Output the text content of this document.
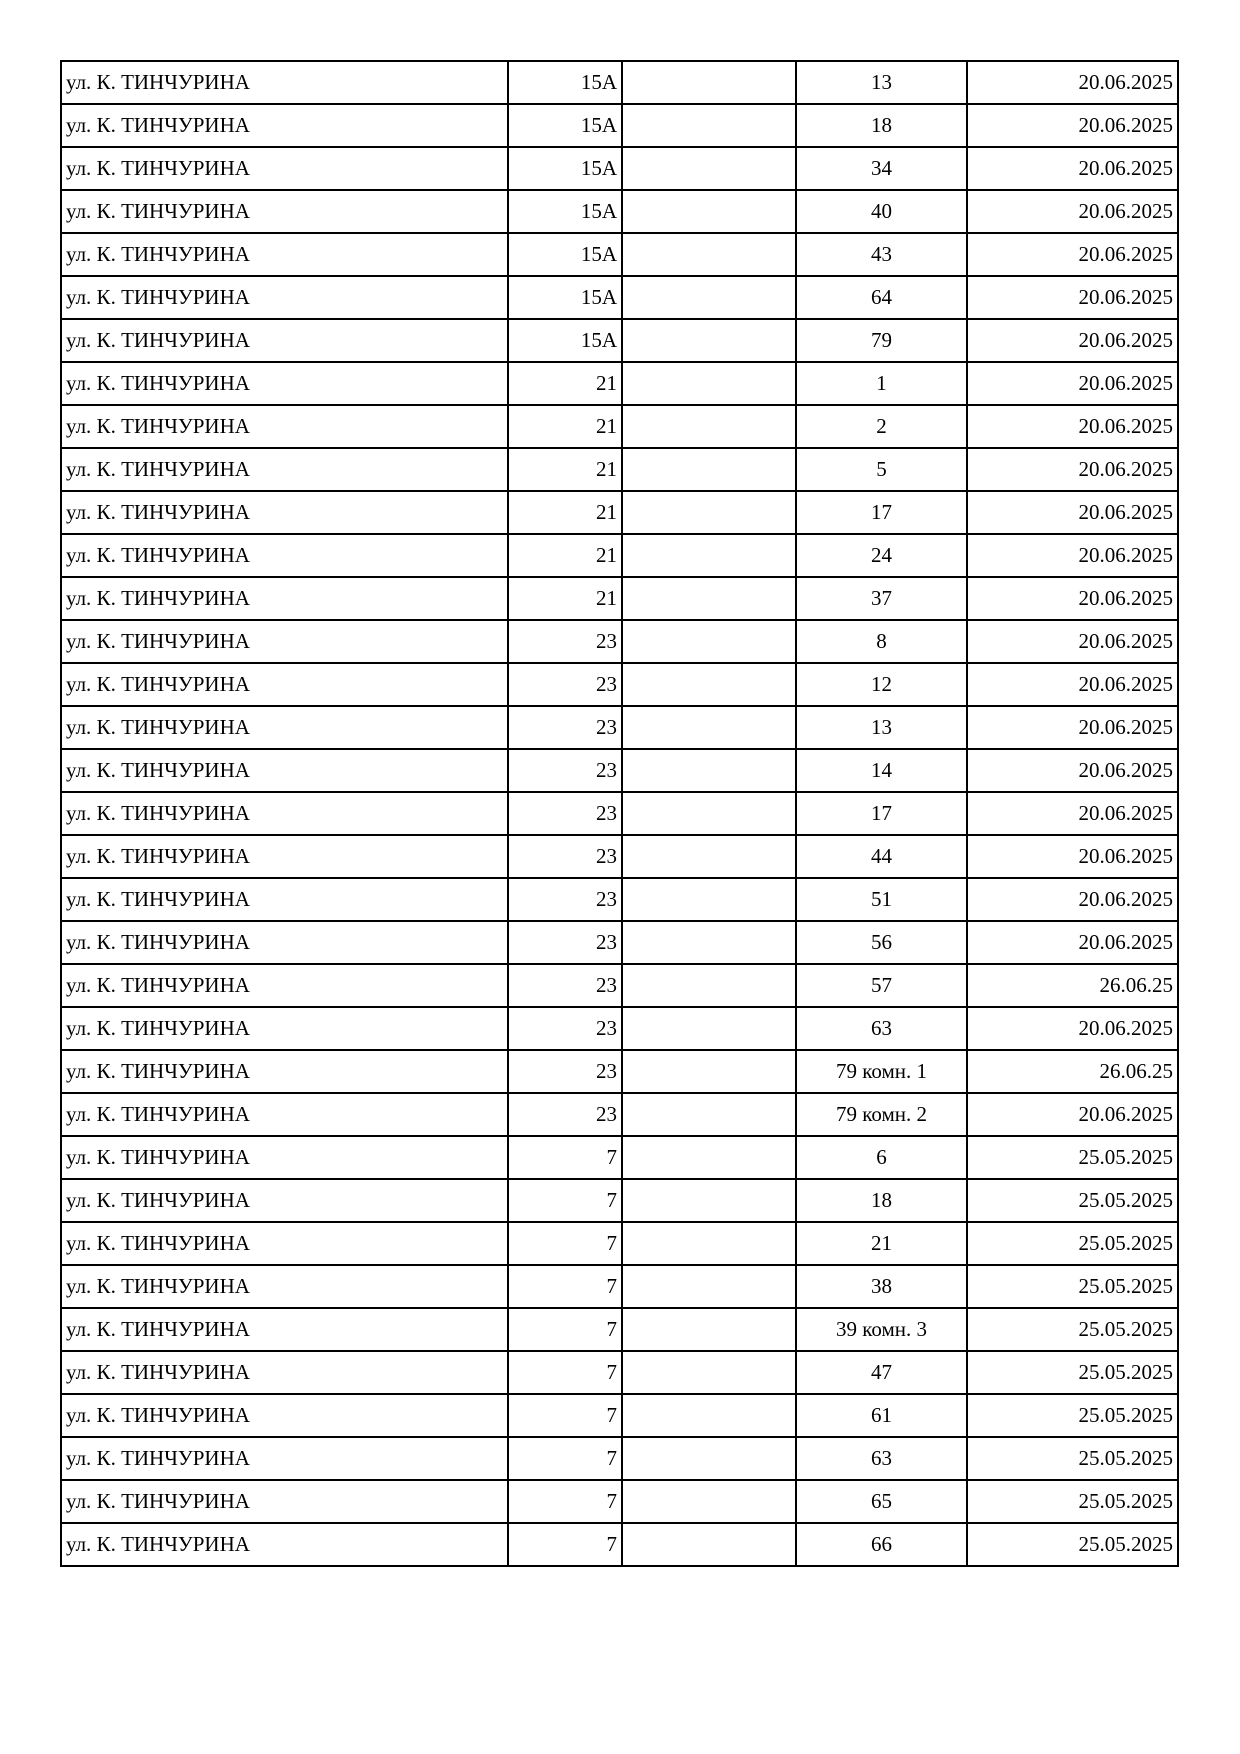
ул. К. ТИНЧУРИНА	15А		13	20.06.2025
ул. К. ТИНЧУРИНА	15А		18	20.06.2025
ул. К. ТИНЧУРИНА	15А		34	20.06.2025
ул. К. ТИНЧУРИНА	15А		40	20.06.2025
ул. К. ТИНЧУРИНА	15А		43	20.06.2025
ул. К. ТИНЧУРИНА	15А		64	20.06.2025
ул. К. ТИНЧУРИНА	15А		79	20.06.2025
ул. К. ТИНЧУРИНА	21		1	20.06.2025
ул. К. ТИНЧУРИНА	21		2	20.06.2025
ул. К. ТИНЧУРИНА	21		5	20.06.2025
ул. К. ТИНЧУРИНА	21		17	20.06.2025
ул. К. ТИНЧУРИНА	21		24	20.06.2025
ул. К. ТИНЧУРИНА	21		37	20.06.2025
ул. К. ТИНЧУРИНА	23		8	20.06.2025
ул. К. ТИНЧУРИНА	23		12	20.06.2025
ул. К. ТИНЧУРИНА	23		13	20.06.2025
ул. К. ТИНЧУРИНА	23		14	20.06.2025
ул. К. ТИНЧУРИНА	23		17	20.06.2025
ул. К. ТИНЧУРИНА	23		44	20.06.2025
ул. К. ТИНЧУРИНА	23		51	20.06.2025
ул. К. ТИНЧУРИНА	23		56	20.06.2025
ул. К. ТИНЧУРИНА	23		57	26.06.25
ул. К. ТИНЧУРИНА	23		63	20.06.2025
ул. К. ТИНЧУРИНА	23		79 комн. 1	26.06.25
ул. К. ТИНЧУРИНА	23		79 комн. 2	20.06.2025
ул. К. ТИНЧУРИНА	7		6	25.05.2025
ул. К. ТИНЧУРИНА	7		18	25.05.2025
ул. К. ТИНЧУРИНА	7		21	25.05.2025
ул. К. ТИНЧУРИНА	7		38	25.05.2025
ул. К. ТИНЧУРИНА	7		39 комн. 3	25.05.2025
ул. К. ТИНЧУРИНА	7		47	25.05.2025
ул. К. ТИНЧУРИНА	7		61	25.05.2025
ул. К. ТИНЧУРИНА	7		63	25.05.2025
ул. К. ТИНЧУРИНА	7		65	25.05.2025
ул. К. ТИНЧУРИНА	7		66	25.05.2025
